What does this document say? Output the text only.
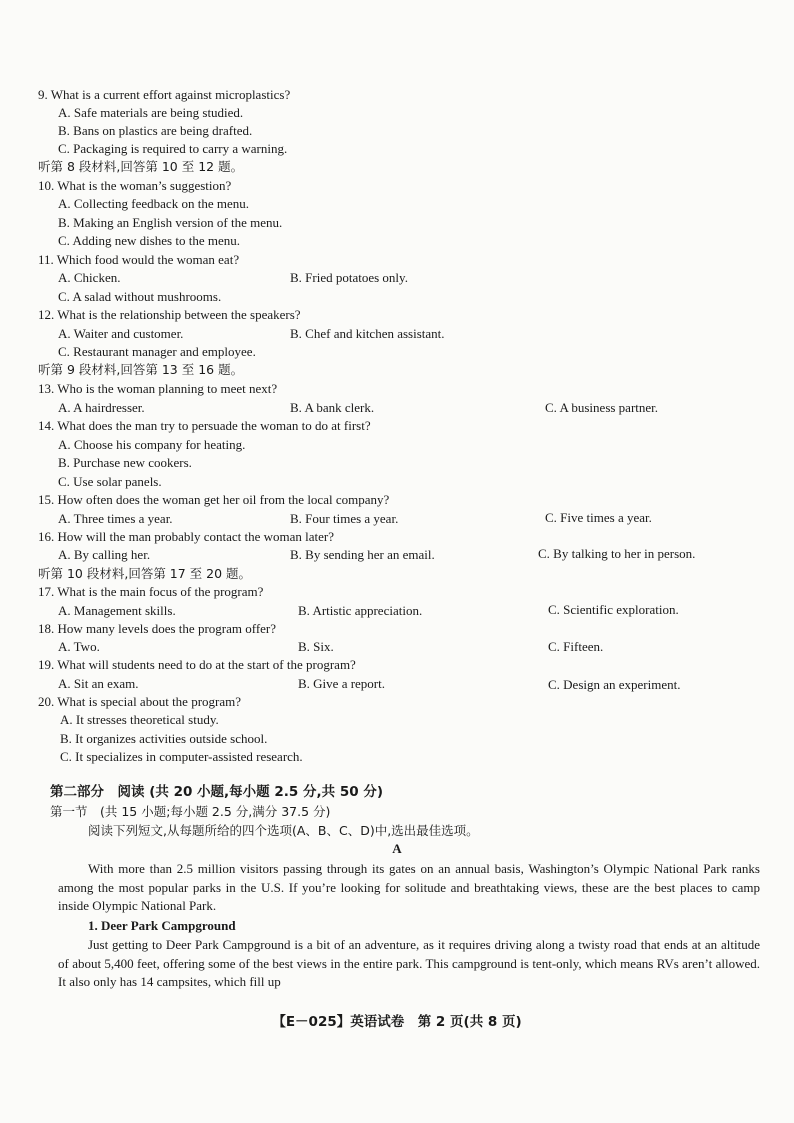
9. What is a current effort against microplastics?
A. Safe materials are being studied.
B. Bans on plastics are being drafted.
C. Packaging is required to carry a warning.
听第 8 段材料,回答第 10 至 12 题。
10. What is the woman’s suggestion?
A. Collecting feedback on the menu.
B. Making an English version of the menu.
C. Adding new dishes to the menu.
11. Which food would the woman eat?
A. Chicken.	B. Fried potatoes only.
C. A salad without mushrooms.
12. What is the relationship between the speakers?
A. Waiter and customer.	B. Chef and kitchen assistant.
C. Restaurant manager and employee.
听第 9 段材料,回答第 13 至 16 题。
13. Who is the woman planning to meet next?
A. A hairdresser.	B. A bank clerk.	C. A business partner.
14. What does the man try to persuade the woman to do at first?
A. Choose his company for heating.
B. Purchase new cookers.
C. Use solar panels.
15. How often does the woman get her oil from the local company?
A. Three times a year.	B. Four times a year.	C. Five times a year.
16. How will the man probably contact the woman later?
A. By calling her.	B. By sending her an email.	C. By talking to her in person.
听第 10 段材料,回答第 17 至 20 题。
17. What is the main focus of the program?
A. Management skills.	B. Artistic appreciation.	C. Scientific exploration.
18. How many levels does the program offer?
A. Two.	B. Six.	C. Fifteen.
19. What will students need to do at the start of the program?
A. Sit an exam.	B. Give a report.	C. Design an experiment.
20. What is special about the program?
A. It stresses theoretical study.
B. It organizes activities outside school.
C. It specializes in computer-assisted research.
第二部分　阅读 (共 20 小题,每小题 2.5 分,共 50 分)
第一节　(共 15 小题;每小题 2.5 分,满分 37.5 分)
阅读下列短文,从每题所给的四个选项(A、B、C、D)中,选出最佳选项。
A

With more than 2.5 million visitors passing through its gates on an annual basis, Washington’s Olympic National Park ranks among the most popular parks in the U.S. If you’re looking for solitude and breathtaking views, these are the best places to camp inside Olympic National Park.

1. Deer Park Campground

Just getting to Deer Park Campground is a bit of an adventure, as it requires driving along a twisty road that ends at an altitude of about 5,400 feet, offering some of the best views in the entire park. This campground is tent-only, which means RVs aren’t allowed. It also only has 14 campsites, which fill up

【E－025】英语试卷　第 2 页(共 8 页)
